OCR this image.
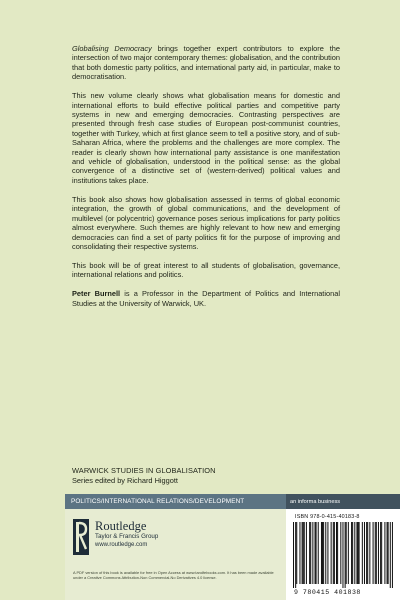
Globalising Democracy brings together expert contributors to explore the intersection of two major contemporary themes: globalisation, and the contribution that both domestic party politics, and international party aid, in particular, make to democratisation.

This new volume clearly shows what globalisation means for domestic and international efforts to build effective political parties and competitive party systems in new and emerging democracies. Contrasting perspectives are presented through fresh case studies of European post-communist countries, together with Turkey, which at first glance seem to tell a positive story, and of sub-Saharan Africa, where the problems and the challenges are more complex. The reader is clearly shown how international party assistance is one manifestation and vehicle of globalisation, understood in the political sense: as the global convergence of a distinctive set of (western-derived) political values and institutions takes place.

This book also shows how globalisation assessed in terms of global economic integration, the growth of global communications, and the development of multilevel (or polycentric) governance poses serious implications for party politics almost everywhere. Such themes are highly relevant to how new and emerging democracies can find a set of party politics fit for the purpose of improving and consolidating their respective systems.

This book will be of great interest to all students of globalisation, governance, international relations and politics.

Peter Burnell is a Professor in the Department of Politics and International Studies at the University of Warwick, UK.

WARWICK STUDIES IN GLOBALISATION
Series edited by Richard Higgott
POLITICS/INTERNATIONAL RELATIONS/DEVELOPMENT	an informa business
Routledge
Taylor & Francis Group
www.routledge.com
A PDF version of this book is available for free in Open Access at www.tandfebooks.com. It has been made available under a Creative Commons Attribution-Non Commercial-No Derivatives 4.0 license.
ISBN 978-0-415-40183-8
9 780415 401838
